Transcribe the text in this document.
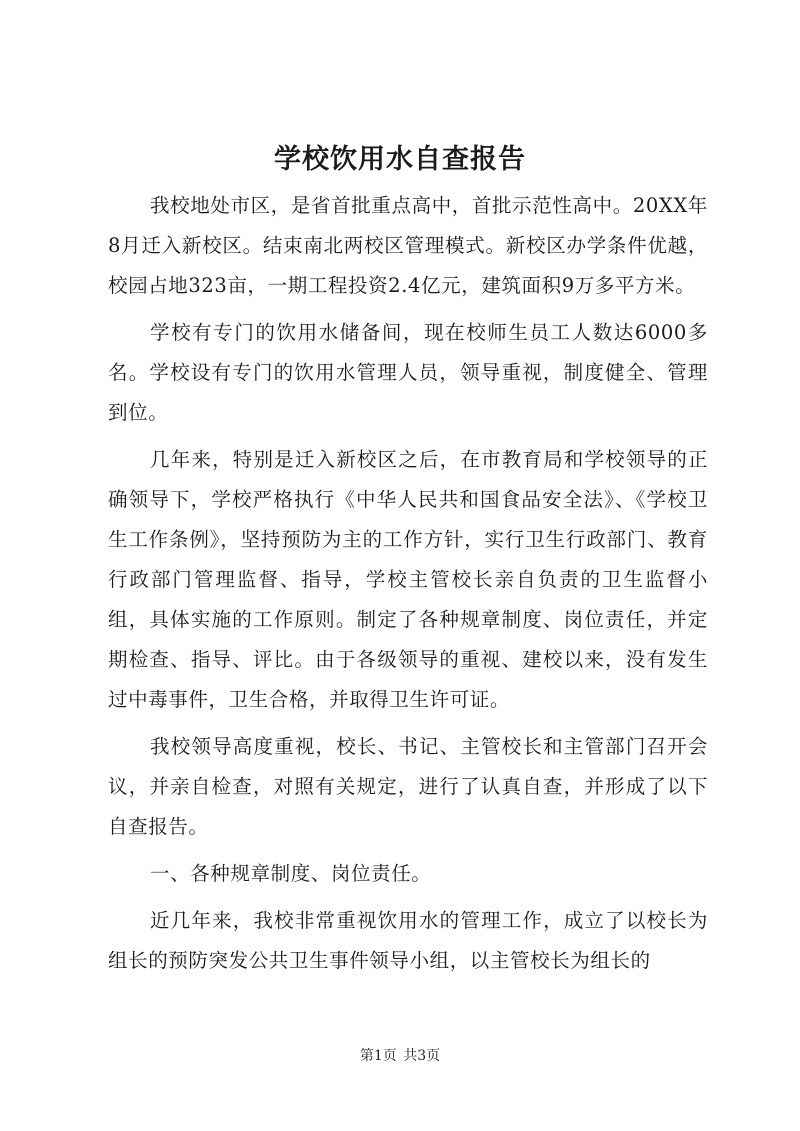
学校饮用水自查报告

我校地处市区，是省首批重点高中，首批示范性高中。20XX年8月迁入新校区。结束南北两校区管理模式。新校区办学条件优越，校园占地323亩，一期工程投资2.4亿元，建筑面积9万多平方米。

学校有专门的饮用水储备间，现在校师生员工人数达6000多名。学校设有专门的饮用水管理人员，领导重视，制度健全、管理到位。

几年来，特别是迁入新校区之后，在市教育局和学校领导的正确领导下，学校严格执行《中华人民共和国食品安全法》、《学校卫生工作条例》，坚持预防为主的工作方针，实行卫生行政部门、教育行政部门管理监督、指导，学校主管校长亲自负责的卫生监督小组，具体实施的工作原则。制定了各种规章制度、岗位责任，并定期检查、指导、评比。由于各级领导的重视、建校以来，没有发生过中毒事件，卫生合格，并取得卫生许可证。

我校领导高度重视，校长、书记、主管校长和主管部门召开会议，并亲自检查，对照有关规定，进行了认真自查，并形成了以下自查报告。

一、各种规章制度、岗位责任。

近几年来，我校非常重视饮用水的管理工作，成立了以校长为组长的预防突发公共卫生事件领导小组，以主管校长为组长的

第1页 共3页
